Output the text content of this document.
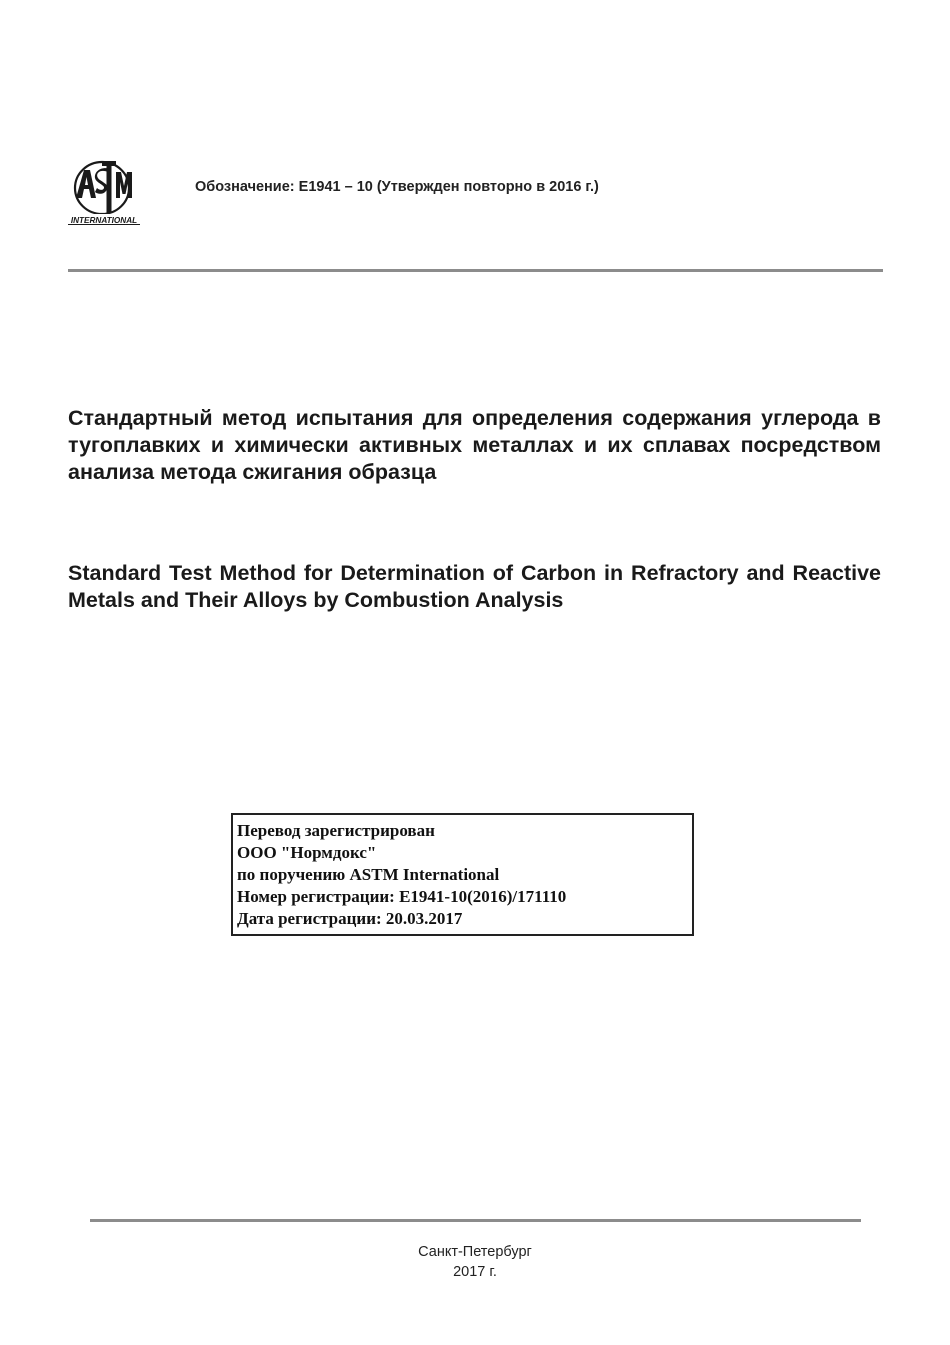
INTERNATIONAL
Обозначение: E1941 – 10 (Утвержден повторно в 2016 г.)
Стандартный метод испытания для определения содержания углерода в тугоплавких и химически активных металлах и их сплавах посредством анализа метода сжигания образца
Standard Test Method for Determination of Carbon in Refractory and Reactive Metals and Their Alloys by Combustion Analysis
Перевод зарегистрирован
ООО "Нормдокс"
по поручению ASTM International
Номер регистрации: E1941-10(2016)/171110
Дата регистрации: 20.03.2017
Санкт-Петербург
2017 г.
